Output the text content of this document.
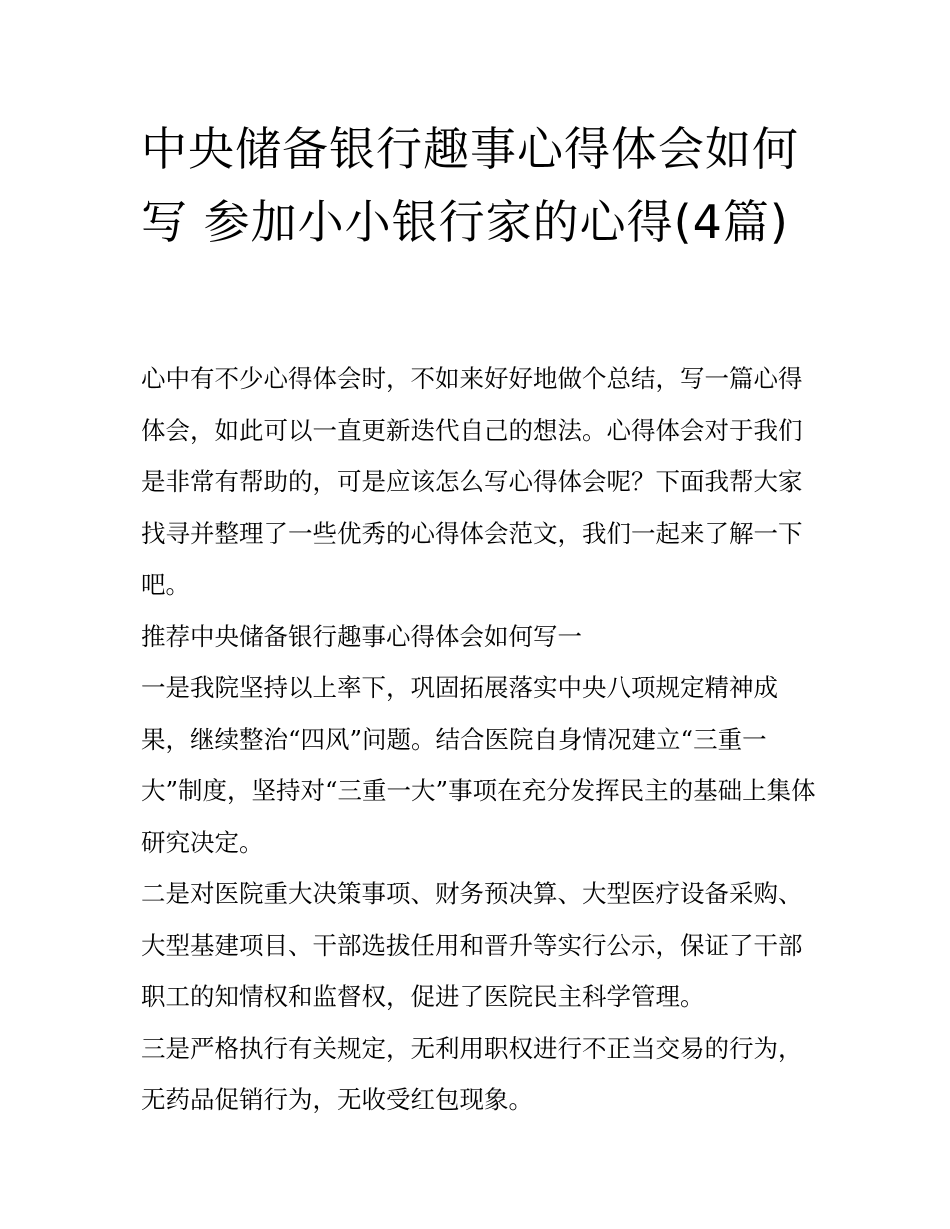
中央储备银行趣事心得体会如何写 参加小小银行家的心得(4篇)

心中有不少心得体会时，不如来好好地做个总结，写一篇心得体会，如此可以一直更新迭代自己的想法。心得体会对于我们是非常有帮助的，可是应该怎么写心得体会呢？下面我帮大家找寻并整理了一些优秀的心得体会范文，我们一起来了解一下吧。

推荐中央储备银行趣事心得体会如何写一

一是我院坚持以上率下，巩固拓展落实中央八项规定精神成果，继续整治“四风”问题。结合医院自身情况建立“三重一大”制度，坚持对“三重一大”事项在充分发挥民主的基础上集体研究决定。

二是对医院重大决策事项、财务预决算、大型医疗设备采购、大型基建项目、干部选拔任用和晋升等实行公示，保证了干部职工的知情权和监督权，促进了医院民主科学管理。

三是严格执行有关规定，无利用职权进行不正当交易的行为，无药品促销行为，无收受红包现象。
